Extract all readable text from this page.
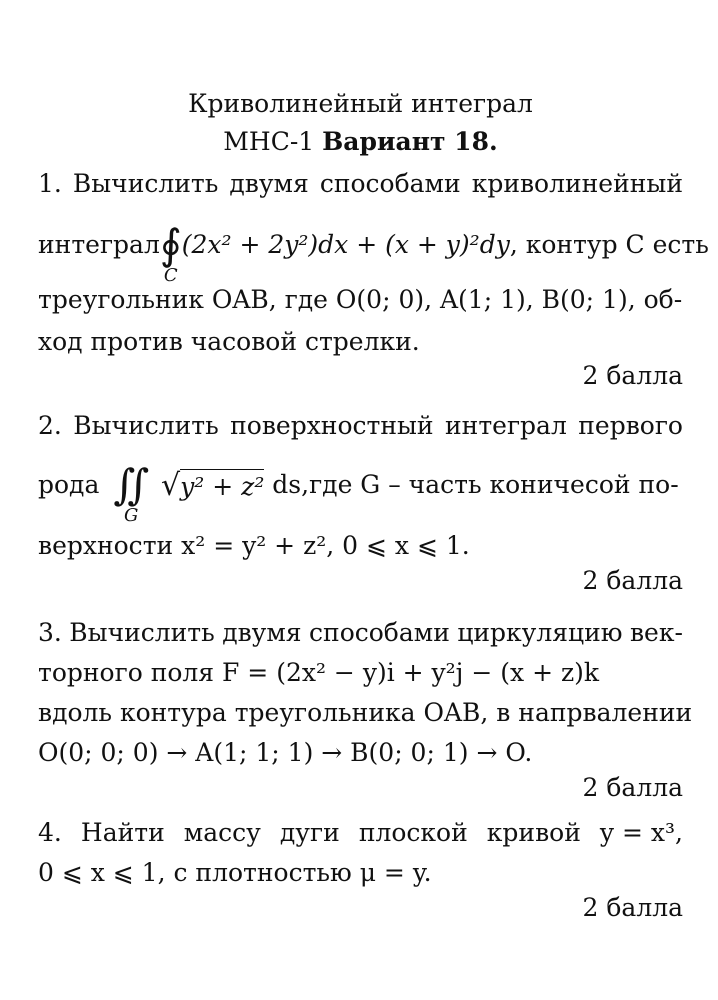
Криволинейный интеграл
МНС-1 Вариант 18.
1. Вычислить двумя способами криволинейный
интеграл ∮
C
(2x² + 2y²)dx + (x + y)²dy , контур C есть
треугольник OAB, где O(0; 0), A(1; 1), B(0; 1), об-
ход против часовой стрелки.
2 балла
2. Вычислить поверхностный интеграл первого
рода ∬
G

√ y² + z² ds,где G – часть коничесой по-
верхности x² = y² + z², 0 ⩽ x ⩽ 1.
2 балла
3. Вычислить двумя способами циркуляцию век-
торного поля F = (2x² − y)i + y²j − (x + z)k
вдоль контура треугольника OAB, в напрвалении
O(0; 0; 0) → A(1; 1; 1) → B(0; 0; 1) → O.
2 балла
4. Найти массу дуги плоской кривой y = x³,
0 ⩽ x ⩽ 1, с плотностью μ = y.
2 балла
